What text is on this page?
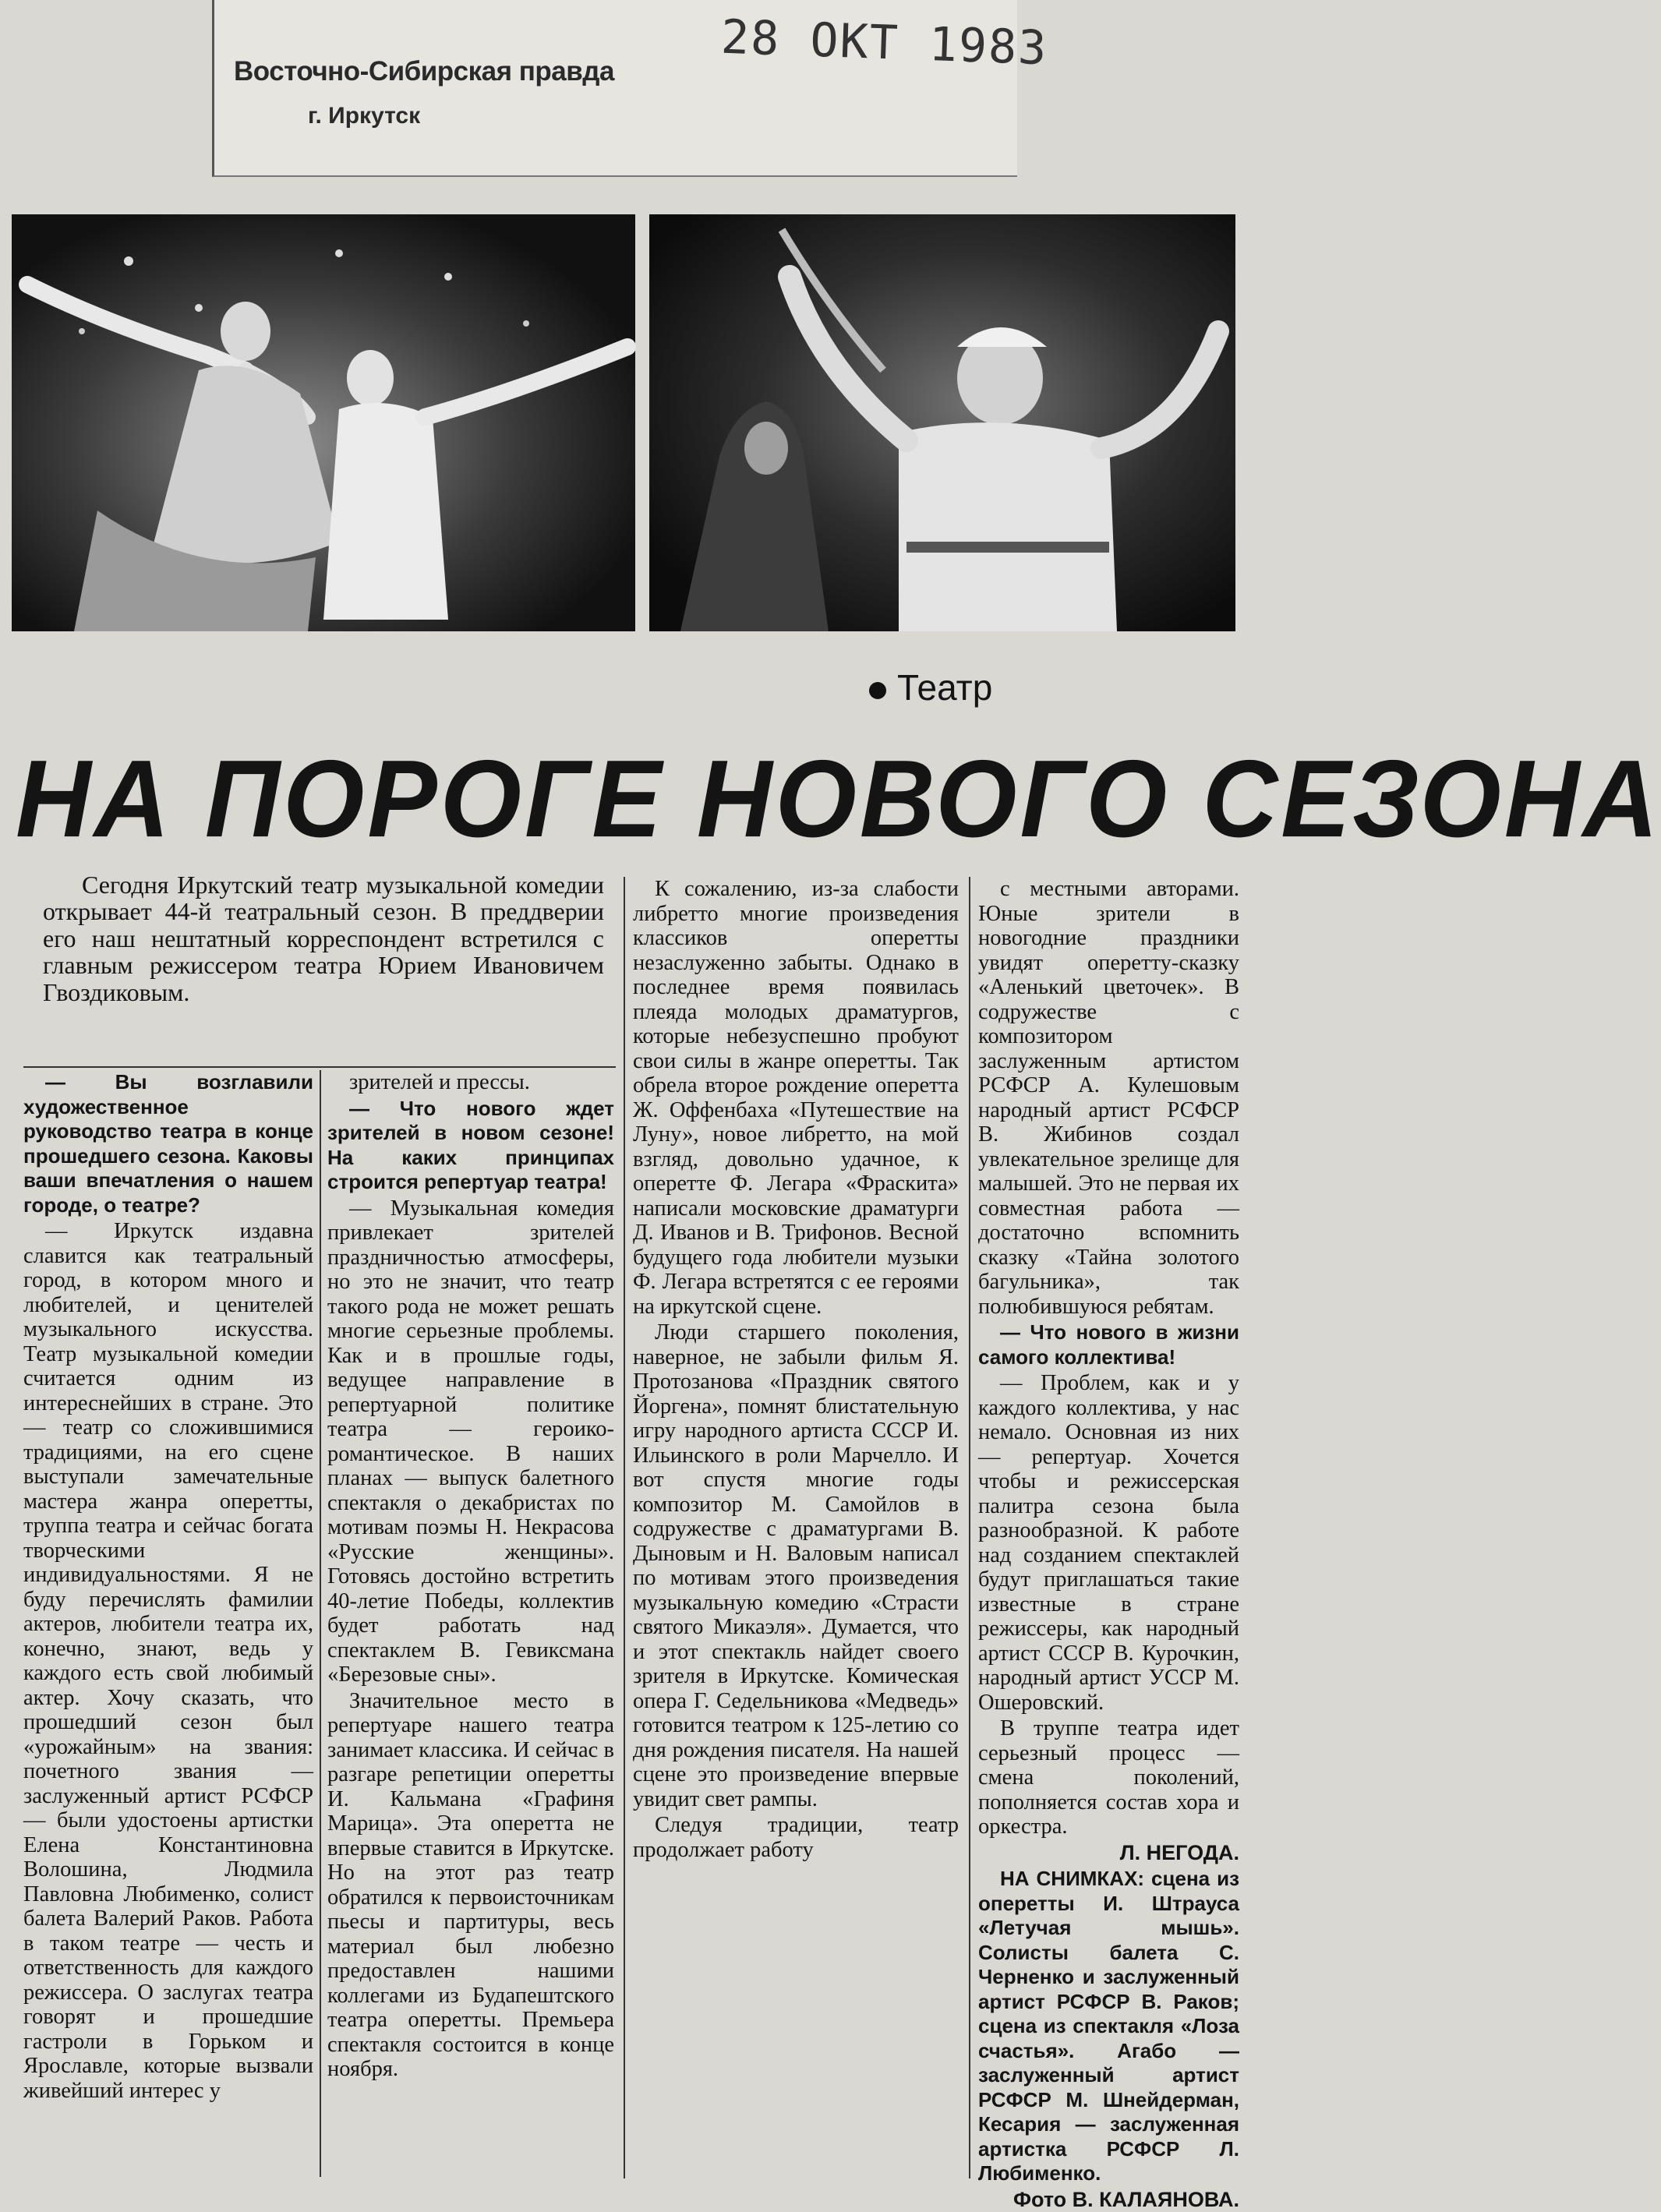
Восточно-Сибирская правда
г. Иркутск
28 ОКТ 1983
Театр
НА ПОРОГЕ НОВОГО СЕЗОНА
Сегодня Иркутский театр музыкальной комедии открывает 44-й театральный сезон. В преддверии его наш нештатный корреспондент встретился с главным режиссером театра Юрием Ивановичем Гвоздиковым.

— Вы возглавили художественное руководство театра в конце прошедшего сезона. Каковы ваши впечатления о нашем городе, о театре?

— Иркутск издавна славится как театральный город, в котором много и любителей, и ценителей музыкального искусства. Театр музыкальной комедии считается одним из интереснейших в стране. Это — театр со сложившимися традициями, на его сцене выступали замечательные мастера жанра оперетты, труппа театра и сейчас богата творческими индивидуальностями. Я не буду перечислять фамилии актеров, любители театра их, конечно, знают, ведь у каждого есть свой любимый актер. Хочу сказать, что прошедший сезон был «урожайным» на звания: почетного звания — заслуженный артист РСФСР — были удостоены артистки Елена Константиновна Волошина, Людмила Павловна Любименко, солист балета Валерий Раков. Работа в таком театре — честь и ответственность для каждого режиссера. О заслугах театра говорят и прошедшие гастроли в Горьком и Ярославле, которые вызвали живейший интерес у

зрителей и прессы.

— Что нового ждет зрителей в новом сезоне! На каких принципах строится репертуар театра!

— Музыкальная комедия привлекает зрителей праздничностью атмосферы, но это не значит, что театр такого рода не может решать многие серьезные проблемы. Как и в прошлые годы, ведущее направление в репертуарной политике театра — героико-романтическое. В наших планах — выпуск балетного спектакля о декабристах по мотивам поэмы Н. Некрасова «Русские женщины». Готовясь достойно встретить 40-летие Победы, коллектив будет работать над спектаклем В. Гевиксмана «Березовые сны».

Значительное место в репертуаре нашего театра занимает классика. И сейчас в разгаре репетиции оперетты И. Кальмана «Графиня Марица». Эта оперетта не впервые ставится в Иркутске. Но на этот раз театр обратился к первоисточникам пьесы и партитуры, весь материал был любезно предоставлен нашими коллегами из Будапештского театра оперетты. Премьера спектакля состоится в конце ноября.

К сожалению, из-за слабости либретто многие произведения классиков оперетты незаслуженно забыты. Однако в последнее время появилась плеяда молодых драматургов, которые небезуспешно пробуют свои силы в жанре оперетты. Так обрела второе рождение оперетта Ж. Оффенбаха «Путешествие на Луну», новое либретто, на мой взгляд, довольно удачное, к оперетте Ф. Легара «Фраскита» написали московские драматурги Д. Иванов и В. Трифонов. Весной будущего года любители музыки Ф. Легара встретятся с ее героями на иркутской сцене.

Люди старшего поколения, наверное, не забыли фильм Я. Протозанова «Праздник святого Йоргена», помнят блистательную игру народного артиста СССР И. Ильинского в роли Марчелло. И вот спустя многие годы композитор М. Самойлов в содружестве с драматургами В. Дыновым и Н. Валовым написал по мотивам этого произведения музыкальную комедию «Страсти святого Микаэля». Думается, что и этот спектакль найдет своего зрителя в Иркутске. Комическая опера Г. Седельникова «Медведь» готовится театром к 125-летию со дня рождения писателя. На нашей сцене это произведение впервые увидит свет рампы.

Следуя традиции, театр продолжает работу

с местными авторами. Юные зрители в новогодние праздники увидят оперетту-сказку «Аленький цветочек». В содружестве с композитором заслуженным артистом РСФСР А. Кулешовым народный артист РСФСР В. Жибинов создал увлекательное зрелище для малышей. Это не первая их совместная работа — достаточно вспомнить сказку «Тайна золотого багульника», так полюбившуюся ребятам.

— Что нового в жизни самого коллектива!

— Проблем, как и у каждого коллектива, у нас немало. Основная из них — репертуар. Хочется чтобы и режиссерская палитра сезона была разнообразной. К работе над созданием спектаклей будут приглашаться такие известные в стране режиссеры, как народный артист СССР В. Курочкин, народный артист УССР М. Ошеровский.

В труппе театра идет серьезный процесс — смена поколений, пополняется состав хора и оркестра.

Л. НЕГОДА.

НА СНИМКАХ: сцена из оперетты И. Штрауса «Летучая мышь». Солисты балета С. Черненко и заслуженный артист РСФСР В. Раков; сцена из спектакля «Лоза счастья». Агабо — заслуженный артист РСФСР М. Шнейдерман, Кесария — заслуженная артистка РСФСР Л. Любименко.

Фото В. КАЛАЯНОВА.
